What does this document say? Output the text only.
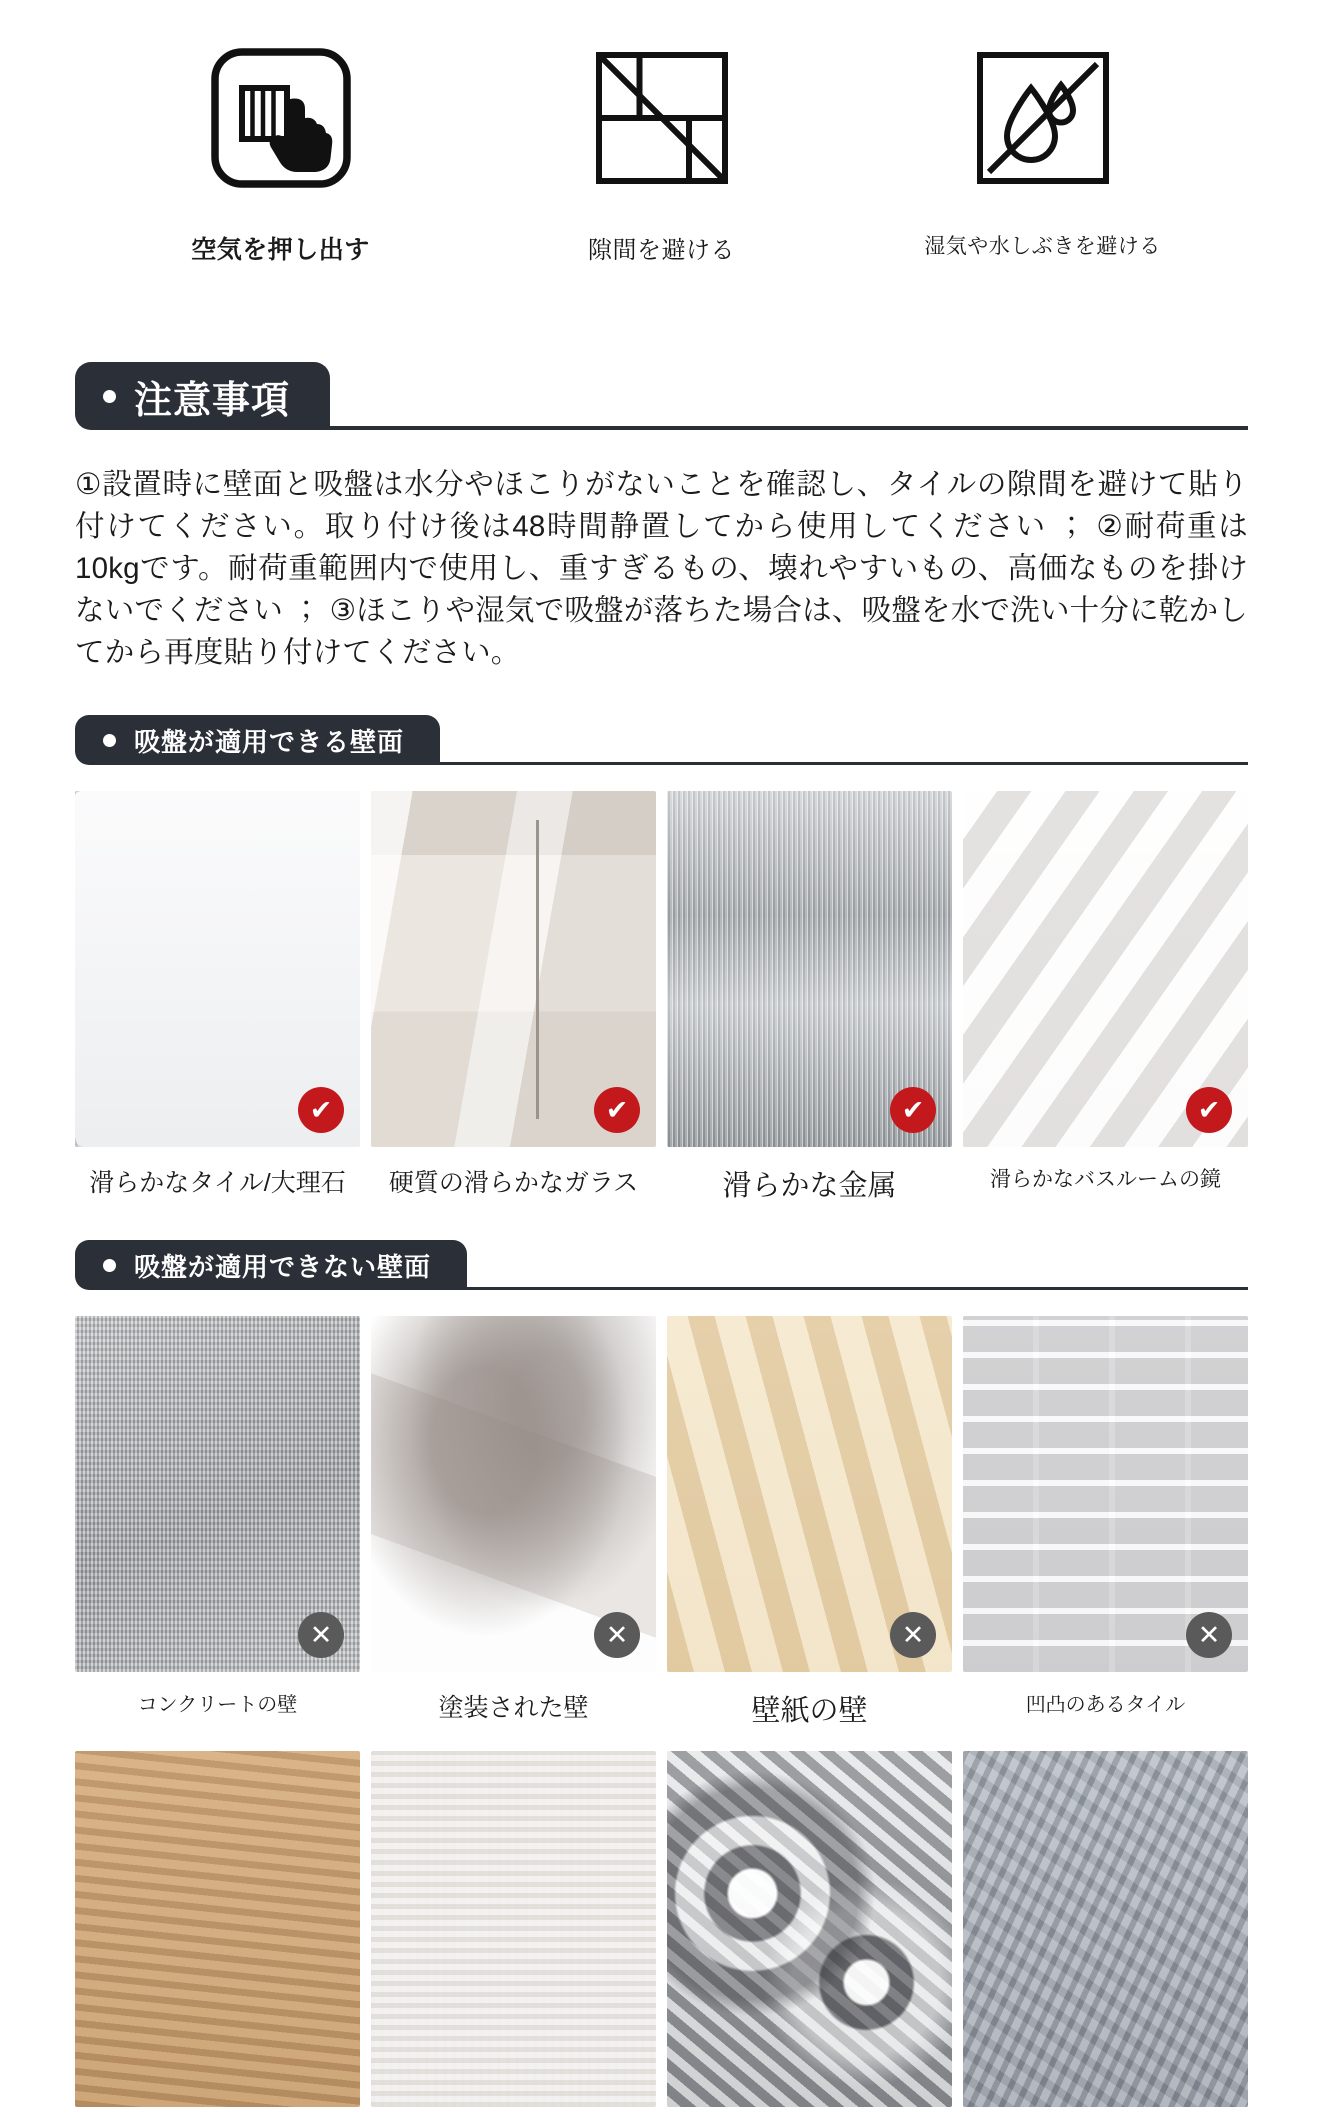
空気を押し出す	隙間を避ける	湿気や水しぶきを避ける
注意事項
①設置時に壁面と吸盤は水分やほこりがないことを確認し、タイルの隙間を避けて貼り付けてください。取り付け後は48時間静置してから使用してください ； ②耐荷重は10kgです。耐荷重範囲内で使用し、重すぎるもの、壊れやすいもの、高価なものを掛けないでください ； ③ほこりや湿気で吸盤が落ちた場合は、吸盤を水で洗い十分に乾かしてから再度貼り付けてください。
吸盤が適用できる壁面
✔
滑らかなタイル/大理石
✔
硬質の滑らかなガラス
✔
滑らかな金属
✔
滑らかなバスルームの鏡
吸盤が適用できない壁面
✕
コンクリートの壁
✕
塗装された壁
✕
壁紙の壁
✕
凹凸のあるタイル
